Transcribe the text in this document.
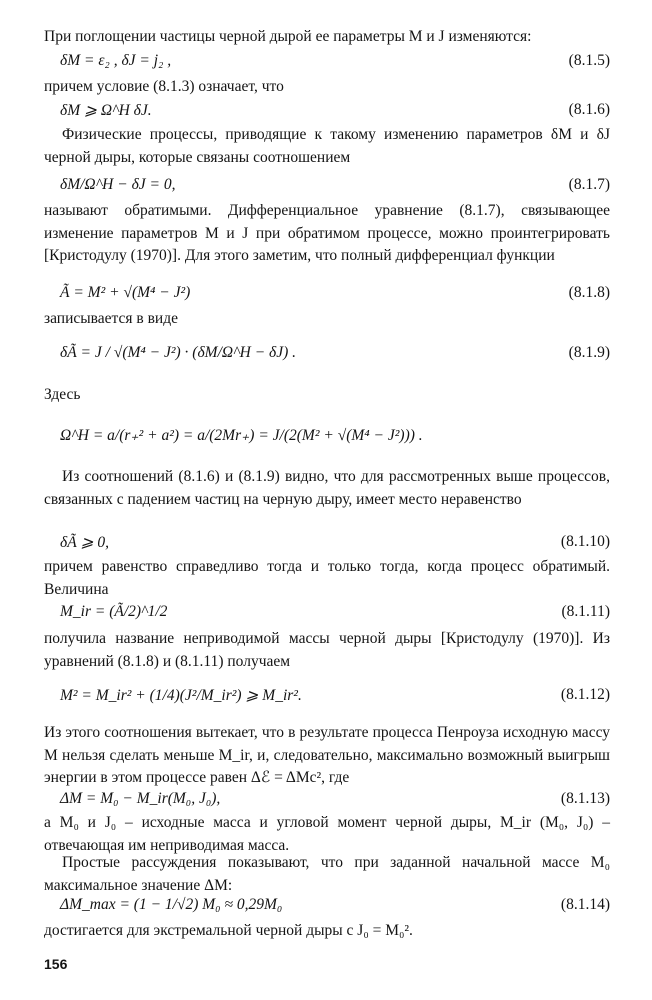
При поглощении частицы черной дырой ее параметры M и J изменяются:

δM = ε₂ , δJ = j₂ ,	(8.1.5)

причем условие (8.1.3) означает, что

δM ⩾ Ω^H δJ.	(8.1.6)

Физические процессы, приводящие к такому изменению параметров δM и δJ черной дыры, которые связаны соотношением

δM/Ω^H − δJ = 0,	(8.1.7)

называют обратимыми. Дифференциальное уравнение (8.1.7), связывающее изменение параметров M и J при обратимом процессе, можно проинтегрировать [Кристодулу (1970)]. Для этого заметим, что полный дифференциал функции

Ã = M² + √(M⁴ − J²)	(8.1.8)

записывается в виде

δÃ = J / √(M⁴ − J²) · (δM/Ω^H − δJ) .	(8.1.9)

Здесь

Ω^H = a/(r₊² + a²) = a/(2Mr₊) = J/(2(M² + √(M⁴ − J²))) .

Из соотношений (8.1.6) и (8.1.9) видно, что для рассмотренных выше процессов, связанных с падением частиц на черную дыру, имеет место неравенство

δÃ ⩾ 0,	(8.1.10)

причем равенство справедливо тогда и только тогда, когда процесс обратимый. Величина

M_ir = (Ã/2)^1/2	(8.1.11)

получила название неприводимой массы черной дыры [Кристодулу (1970)]. Из уравнений (8.1.8) и (8.1.11) получаем

M² = M_ir² + (1/4)(J²/M_ir²) ⩾ M_ir².	(8.1.12)

Из этого соотношения вытекает, что в результате процесса Пенроуза исходную массу M нельзя сделать меньше M_ir, и, следовательно, максимально возможный выигрыш энергии в этом процессе равен Δℰ = ΔMc², где

ΔM = M₀ − M_ir(M₀, J₀),	(8.1.13)

a M₀ и J₀ – исходные масса и угловой момент черной дыры, M_ir (M₀, J₀) – отвечающая им неприводимая масса.

Простые рассуждения показывают, что при заданной начальной массе M₀ максимальное значение ΔM:

ΔM_max = (1 − 1/√2) M₀ ≈ 0,29M₀	(8.1.14)

достигается для экстремальной черной дыры с J₀ = M₀².

156
